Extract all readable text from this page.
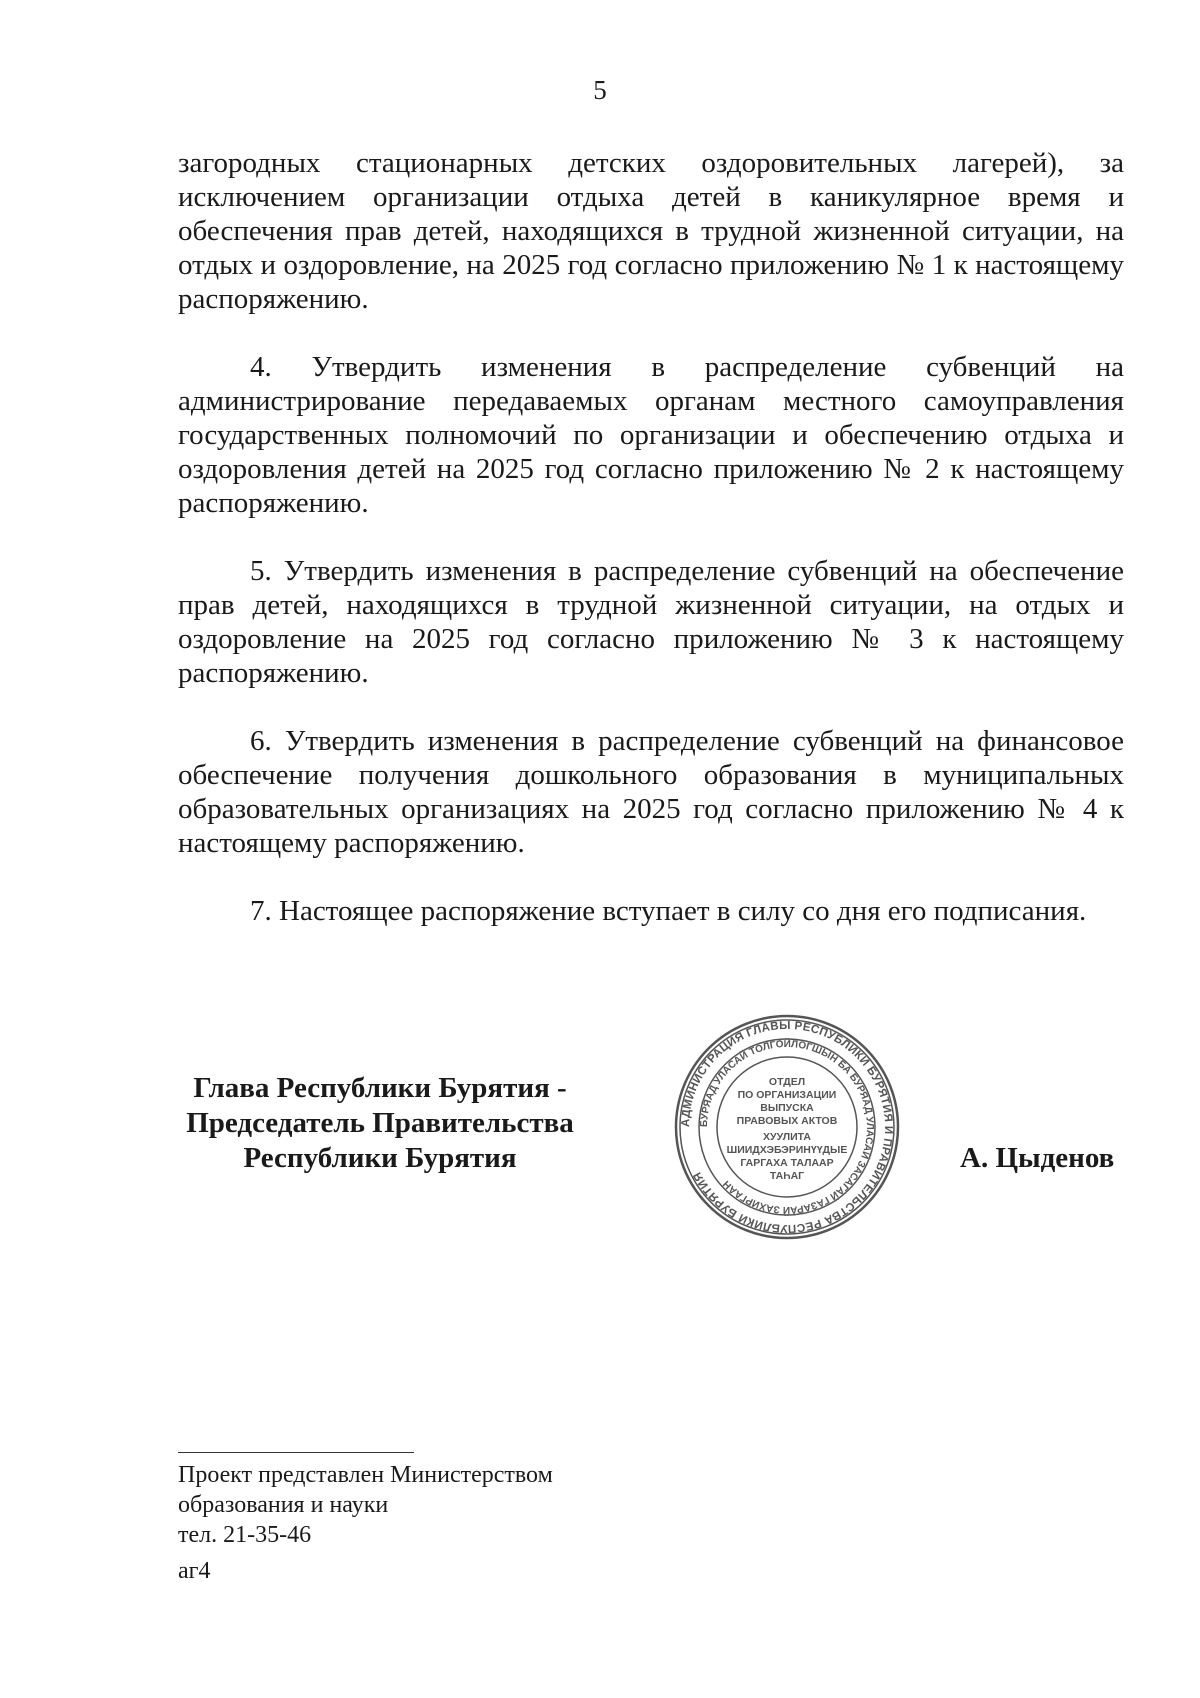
5

загородных стационарных детских оздоровительных лагерей), за исключением организации отдыха детей в каникулярное время и обеспечения прав детей, находящихся в трудной жизненной ситуации, на отдых и оздоровление, на 2025 год согласно приложению № 1 к настоящему распоряжению.

4. Утвердить изменения в распределение субвенций на администрирование передаваемых органам местного самоуправления государственных полномочий по организации и обеспечению отдыха и оздоровления детей на 2025 год согласно приложению № 2 к настоящему распоряжению.

5. Утвердить изменения в распределение субвенций на обеспечение прав детей, находящихся в трудной жизненной ситуации, на отдых и оздоровление на 2025 год согласно приложению № 3 к настоящему распоряжению.

6. Утвердить изменения в распределение субвенций на финансовое обеспечение получения дошкольного образования в муниципальных образовательных организациях на 2025 год согласно приложению № 4 к настоящему распоряжению.

7. Настоящее распоряжение вступает в силу со дня его подписания.

Глава Республики Бурятия -
Председатель Правительства
Республики Бурятия
АДМИНИСТРАЦИЯ ГЛАВЫ РЕСПУБЛИКИ БУРЯТИЯ И ПРАВИТЕЛЬСТВА РЕСПУБЛИКИ БУРЯТИЯ
БУРЯАД УЛАСАЙ ТОЛГОЙЛОГШЫН БА БУРЯАД УЛАСАЙ ЗАСАГАЙ ГАЗАРАЙ ЗАХИРГААН
ОТДЕЛ
ПО ОРГАНИЗАЦИИ
ВЫПУСКА
ПРАВОВЫХ АКТОВ
ХУУЛИТА
ШИИДХЭБЭРИНҮҮДЫЕ
ГАРГАХА ТАЛААР
ТАҺАГ
А. Цыденов
Проект представлен Министерством
образования и науки
тел. 21-35-46
аг4
